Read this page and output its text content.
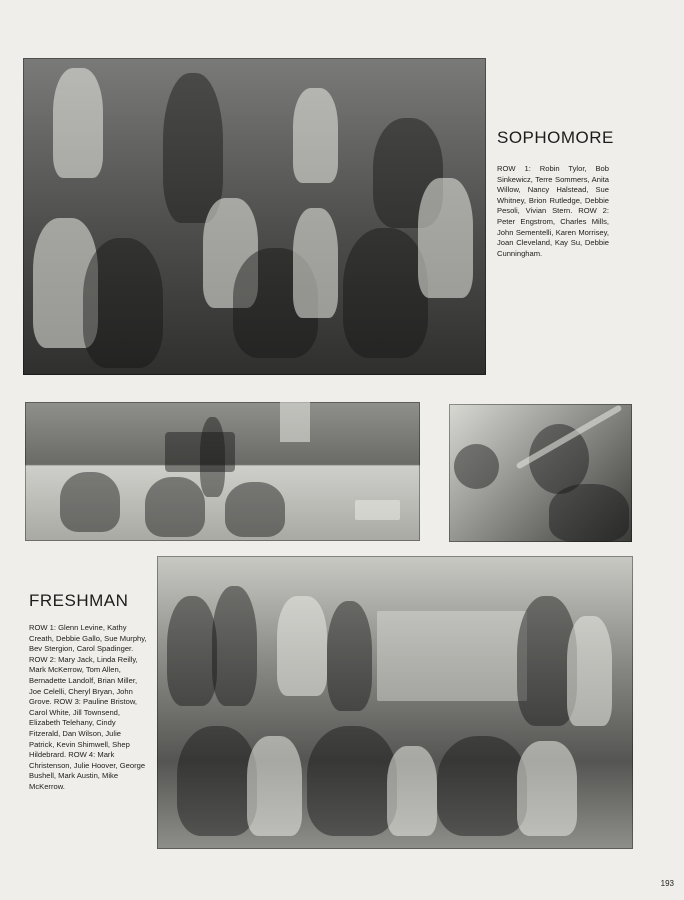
SOPHOMORE

ROW 1: Robin Tylor, Bob Sinkewicz, Terre Sommers, Anita Willow, Nancy Halstead, Sue Whitney, Brion Rutledge, Debbie Pesoli, Vivian Stern. ROW 2: Peter Engstrom, Charles Mills, John Sementelli, Karen Morrisey, Joan Cleveland, Kay Su, Debbie Cunningham.

FRESHMAN

ROW 1: Glenn Levine, Kathy Creath, Debbie Gallo, Sue Murphy, Bev Stergion, Carol Spadinger. ROW 2: Mary Jack, Linda Reilly, Mark McKerrow, Tom Allen, Bernadette Landolf, Brian Miller, Joe Celelli, Cheryl Bryan, John Grove. ROW 3: Pauline Bristow, Carol White, Jill Townsend, Elizabeth Telehany, Cindy Fitzerald, Dan Wilson, Julie Patrick, Kevin Shimwell, Shep Hildebrard. ROW 4: Mark Christenson, Julie Hoover, George Bushell, Mark Austin, Mike McKerrow.

193
